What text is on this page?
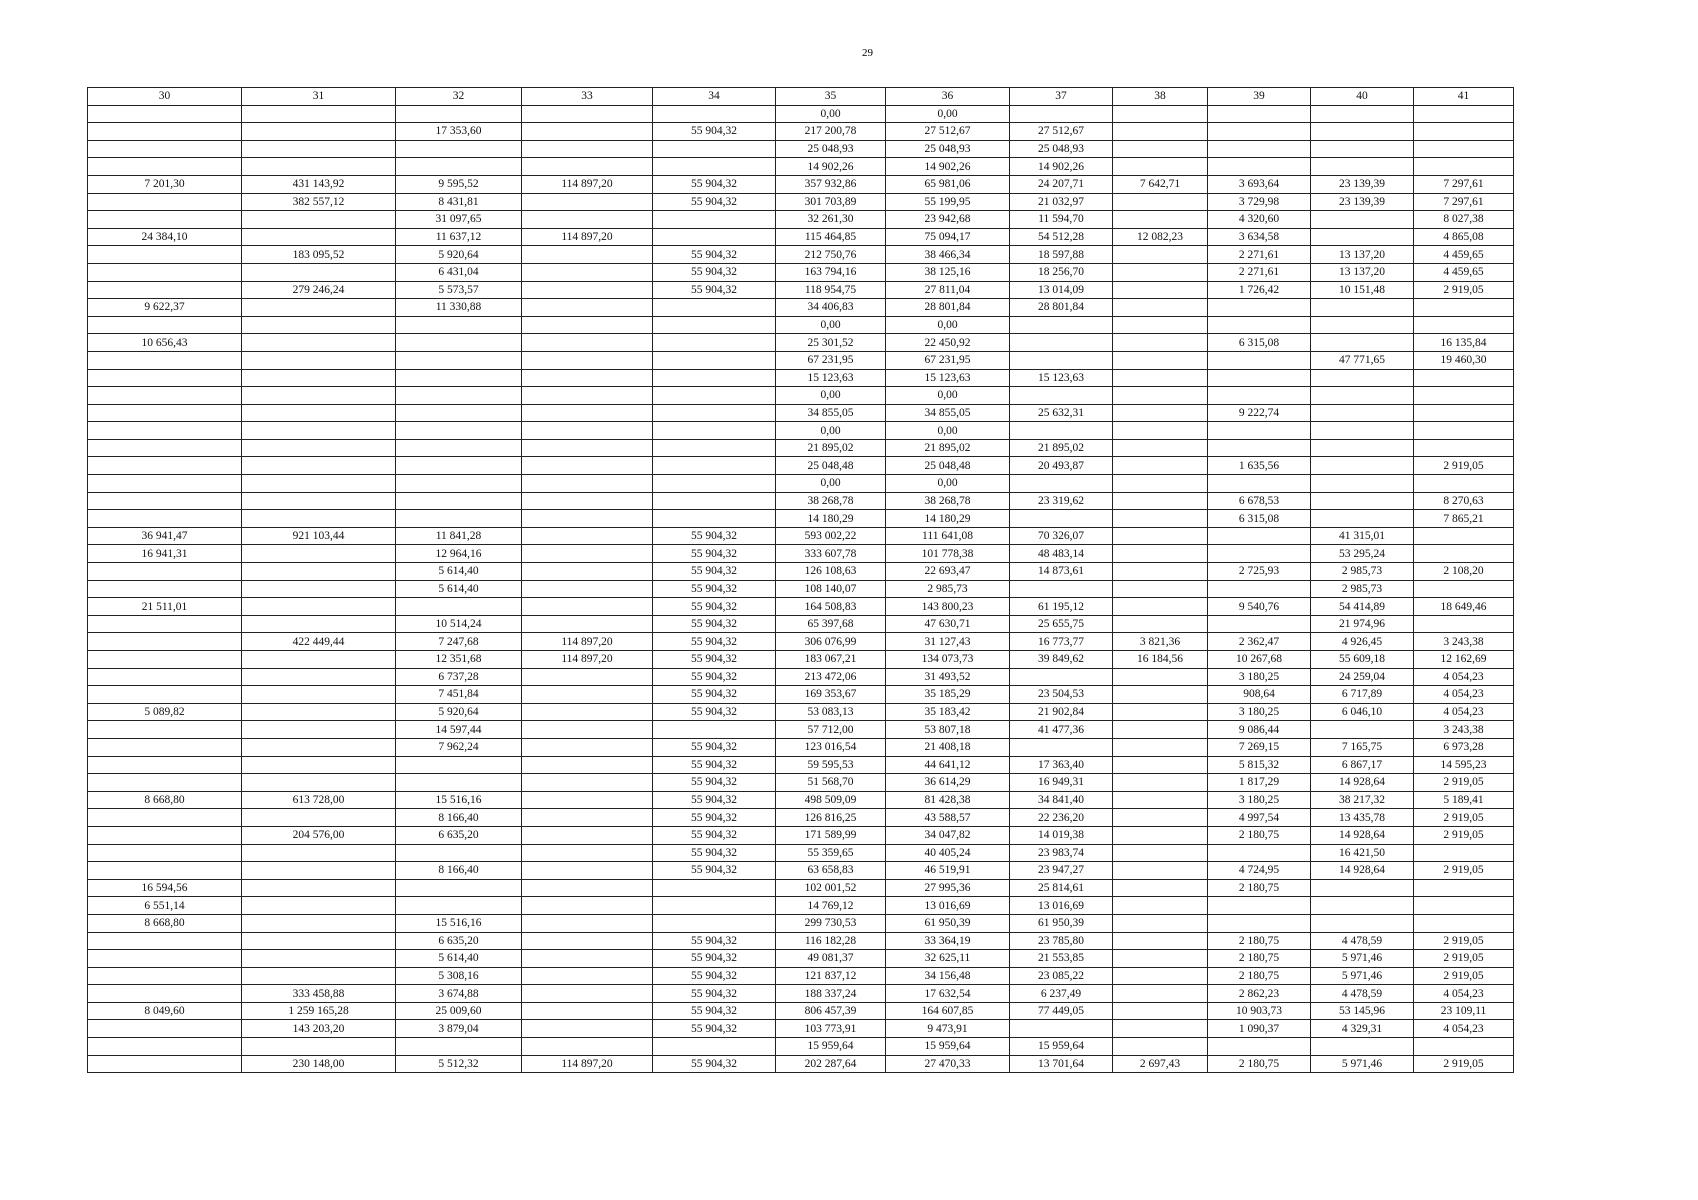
29
30	31	32	33	34	35	36	37	38	39	40	41
					0,00	0,00					
		17 353,60		55 904,32	217 200,78	27 512,67	27 512,67				
					25 048,93	25 048,93	25 048,93				
					14 902,26	14 902,26	14 902,26				
7 201,30	431 143,92	9 595,52	114 897,20	55 904,32	357 932,86	65 981,06	24 207,71	7 642,71	3 693,64	23 139,39	7 297,61
	382 557,12	8 431,81		55 904,32	301 703,89	55 199,95	21 032,97		3 729,98	23 139,39	7 297,61
		31 097,65			32 261,30	23 942,68	11 594,70		4 320,60		8 027,38
24 384,10		11 637,12	114 897,20		115 464,85	75 094,17	54 512,28	12 082,23	3 634,58		4 865,08
	183 095,52	5 920,64		55 904,32	212 750,76	38 466,34	18 597,88		2 271,61	13 137,20	4 459,65
		6 431,04		55 904,32	163 794,16	38 125,16	18 256,70		2 271,61	13 137,20	4 459,65
	279 246,24	5 573,57		55 904,32	118 954,75	27 811,04	13 014,09		1 726,42	10 151,48	2 919,05
9 622,37		11 330,88			34 406,83	28 801,84	28 801,84				
					0,00	0,00					
10 656,43					25 301,52	22 450,92			6 315,08		16 135,84
					67 231,95	67 231,95				47 771,65	19 460,30
					15 123,63	15 123,63	15 123,63				
					0,00	0,00					
					34 855,05	34 855,05	25 632,31		9 222,74		
					0,00	0,00					
					21 895,02	21 895,02	21 895,02				
					25 048,48	25 048,48	20 493,87		1 635,56		2 919,05
					0,00	0,00					
					38 268,78	38 268,78	23 319,62		6 678,53		8 270,63
					14 180,29	14 180,29			6 315,08		7 865,21
36 941,47	921 103,44	11 841,28		55 904,32	593 002,22	111 641,08	70 326,07			41 315,01	
16 941,31		12 964,16		55 904,32	333 607,78	101 778,38	48 483,14			53 295,24	
		5 614,40		55 904,32	126 108,63	22 693,47	14 873,61		2 725,93	2 985,73	2 108,20
		5 614,40		55 904,32	108 140,07	2 985,73				2 985,73	
21 511,01				55 904,32	164 508,83	143 800,23	61 195,12		9 540,76	54 414,89	18 649,46
		10 514,24		55 904,32	65 397,68	47 630,71	25 655,75			21 974,96	
	422 449,44	7 247,68	114 897,20	55 904,32	306 076,99	31 127,43	16 773,77	3 821,36	2 362,47	4 926,45	3 243,38
		12 351,68	114 897,20	55 904,32	183 067,21	134 073,73	39 849,62	16 184,56	10 267,68	55 609,18	12 162,69
		6 737,28		55 904,32	213 472,06	31 493,52			3 180,25	24 259,04	4 054,23
		7 451,84		55 904,32	169 353,67	35 185,29	23 504,53		908,64	6 717,89	4 054,23
5 089,82		5 920,64		55 904,32	53 083,13	35 183,42	21 902,84		3 180,25	6 046,10	4 054,23
		14 597,44			57 712,00	53 807,18	41 477,36		9 086,44		3 243,38
		7 962,24		55 904,32	123 016,54	21 408,18			7 269,15	7 165,75	6 973,28
				55 904,32	59 595,53	44 641,12	17 363,40		5 815,32	6 867,17	14 595,23
				55 904,32	51 568,70	36 614,29	16 949,31		1 817,29	14 928,64	2 919,05
8 668,80	613 728,00	15 516,16		55 904,32	498 509,09	81 428,38	34 841,40		3 180,25	38 217,32	5 189,41
		8 166,40		55 904,32	126 816,25	43 588,57	22 236,20		4 997,54	13 435,78	2 919,05
	204 576,00	6 635,20		55 904,32	171 589,99	34 047,82	14 019,38		2 180,75	14 928,64	2 919,05
				55 904,32	55 359,65	40 405,24	23 983,74			16 421,50	
		8 166,40		55 904,32	63 658,83	46 519,91	23 947,27		4 724,95	14 928,64	2 919,05
16 594,56					102 001,52	27 995,36	25 814,61		2 180,75		
6 551,14					14 769,12	13 016,69	13 016,69				
8 668,80		15 516,16			299 730,53	61 950,39	61 950,39				
		6 635,20		55 904,32	116 182,28	33 364,19	23 785,80		2 180,75	4 478,59	2 919,05
		5 614,40		55 904,32	49 081,37	32 625,11	21 553,85		2 180,75	5 971,46	2 919,05
		5 308,16		55 904,32	121 837,12	34 156,48	23 085,22		2 180,75	5 971,46	2 919,05
	333 458,88	3 674,88		55 904,32	188 337,24	17 632,54	6 237,49		2 862,23	4 478,59	4 054,23
8 049,60	1 259 165,28	25 009,60		55 904,32	806 457,39	164 607,85	77 449,05		10 903,73	53 145,96	23 109,11
	143 203,20	3 879,04		55 904,32	103 773,91	9 473,91			1 090,37	4 329,31	4 054,23
					15 959,64	15 959,64	15 959,64				
	230 148,00	5 512,32	114 897,20	55 904,32	202 287,64	27 470,33	13 701,64	2 697,43	2 180,75	5 971,46	2 919,05
